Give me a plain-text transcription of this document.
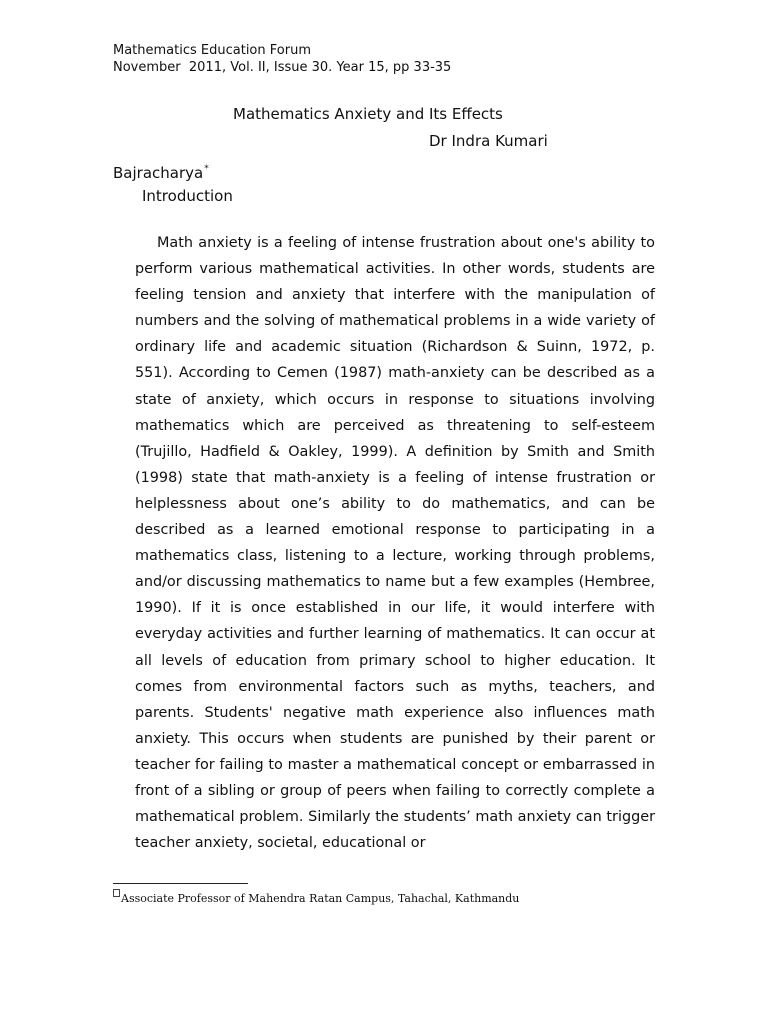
Mathematics Education Forum
November  2011, Vol. II, Issue 30. Year 15, pp 33-35
Mathematics Anxiety and Its Effects
Dr Indra Kumari
Bajracharya*
Introduction

Math anxiety is a feeling of intense frustration about one's ability to perform various mathematical activities. In other words, students are feeling tension and anxiety that interfere with the manipulation of numbers and the solving of mathematical problems in a wide variety of ordinary life and academic situation (Richardson & Suinn, 1972, p. 551). According to Cemen (1987) math-anxiety can be described as a state of anxiety, which occurs in response to situations involving mathematics which are perceived as threatening to self-esteem (Trujillo, Hadfield & Oakley, 1999). A definition by Smith and Smith (1998) state that math-anxiety is a feeling of intense frustration or helplessness about one’s ability to do mathematics, and can be described as a learned emotional response to participating in a mathematics class, listening to a lecture, working through problems, and/or discussing mathematics to name but a few examples (Hembree, 1990). If it is once established in our life, it would interfere with everyday activities and further learning of mathematics. It can occur at all levels of education from primary school to higher education. It comes from environmental factors such as myths, teachers, and parents. Students' negative math experience also influences math anxiety. This occurs when students are punished by their parent or teacher for failing to master a mathematical concept or embarrassed in front of a sibling or group of peers when failing to correctly complete a mathematical problem. Similarly the students’ math anxiety can trigger teacher anxiety, societal, educational or

Associate Professor of Mahendra Ratan Campus, Tahachal, Kathmandu
